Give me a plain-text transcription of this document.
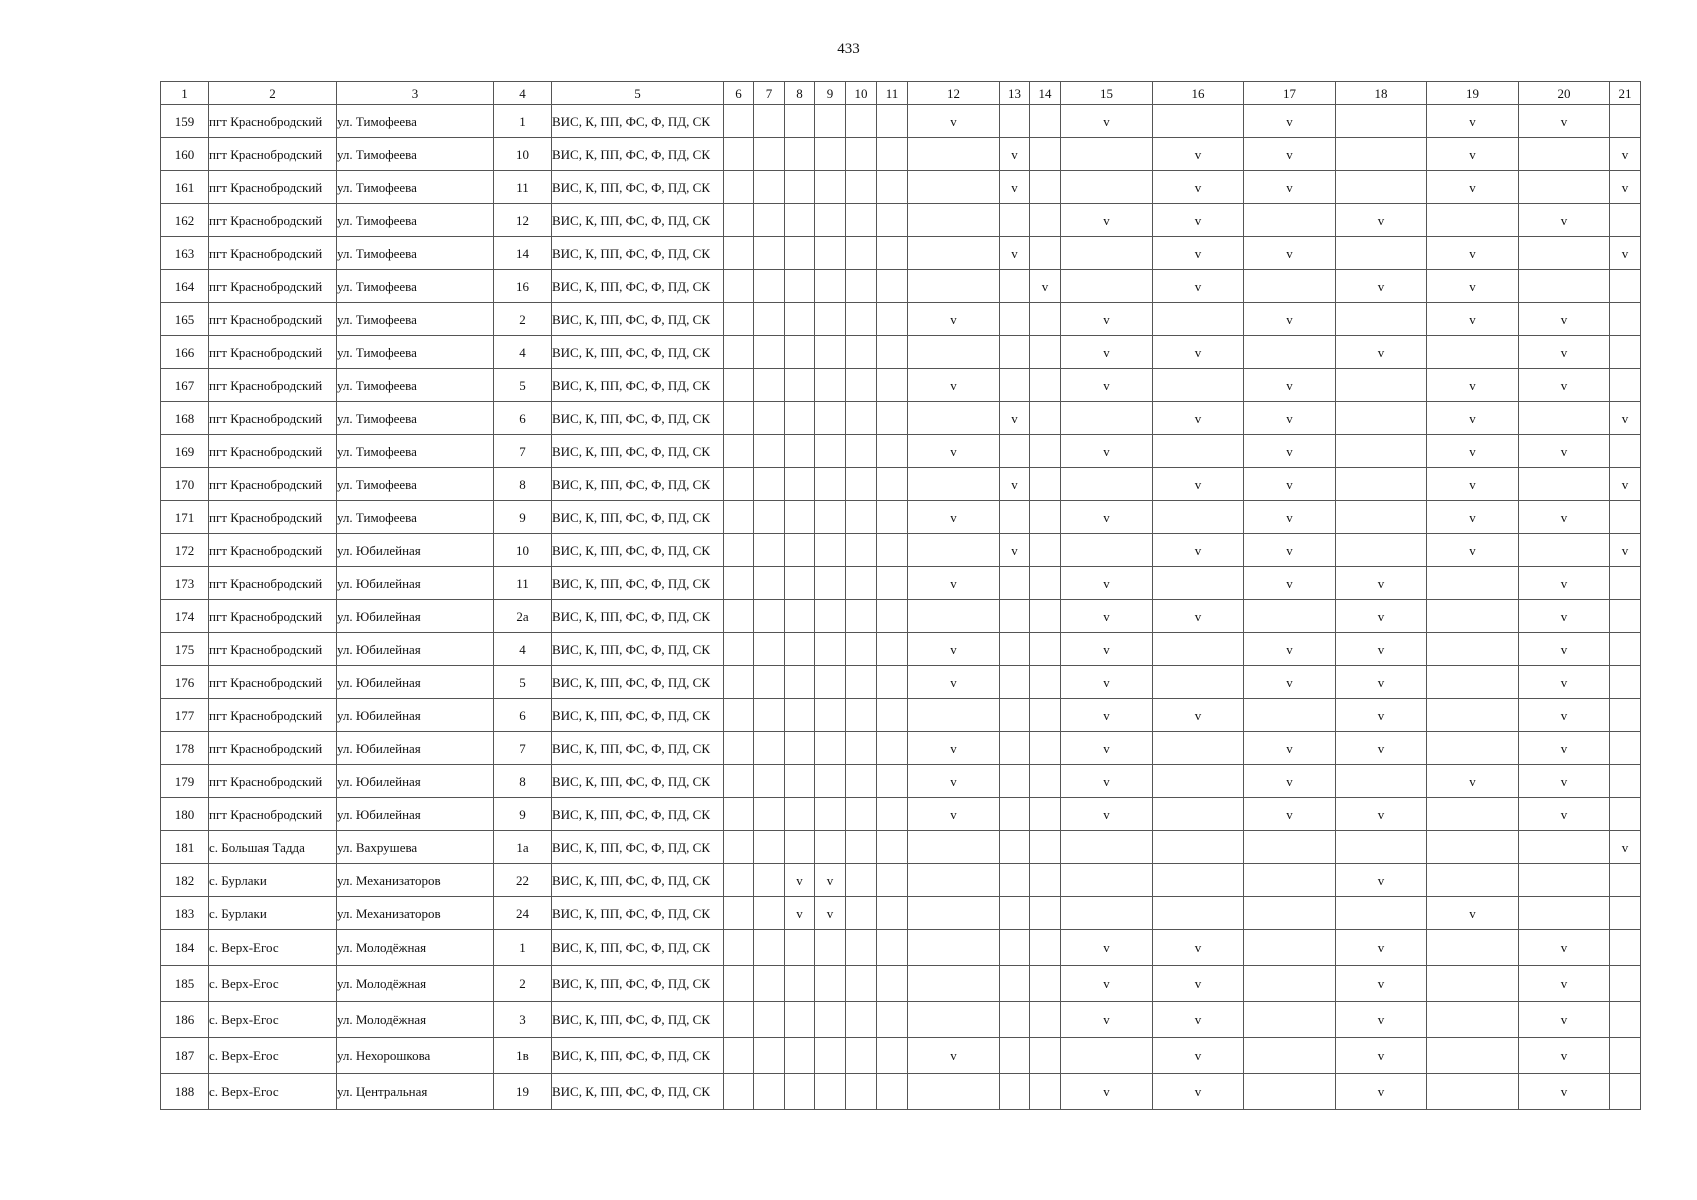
433
1	2	3	4	5	6	7	8	9	10	11	12	13	14	15	16	17	18	19	20	21
159	пгт Краснобродский	ул. Тимофеева	1	ВИС, К, ПП, ФС, Ф, ПД, СК							v			v		v		v	v	
160	пгт Краснобродский	ул. Тимофеева	10	ВИС, К, ПП, ФС, Ф, ПД, СК								v			v	v		v		v
161	пгт Краснобродский	ул. Тимофеева	11	ВИС, К, ПП, ФС, Ф, ПД, СК								v			v	v		v		v
162	пгт Краснобродский	ул. Тимофеева	12	ВИС, К, ПП, ФС, Ф, ПД, СК										v	v		v		v	
163	пгт Краснобродский	ул. Тимофеева	14	ВИС, К, ПП, ФС, Ф, ПД, СК								v			v	v		v		v
164	пгт Краснобродский	ул. Тимофеева	16	ВИС, К, ПП, ФС, Ф, ПД, СК									v		v		v	v		
165	пгт Краснобродский	ул. Тимофеева	2	ВИС, К, ПП, ФС, Ф, ПД, СК							v			v		v		v	v	
166	пгт Краснобродский	ул. Тимофеева	4	ВИС, К, ПП, ФС, Ф, ПД, СК										v	v		v		v	
167	пгт Краснобродский	ул. Тимофеева	5	ВИС, К, ПП, ФС, Ф, ПД, СК							v			v		v		v	v	
168	пгт Краснобродский	ул. Тимофеева	6	ВИС, К, ПП, ФС, Ф, ПД, СК								v			v	v		v		v
169	пгт Краснобродский	ул. Тимофеева	7	ВИС, К, ПП, ФС, Ф, ПД, СК							v			v		v		v	v	
170	пгт Краснобродский	ул. Тимофеева	8	ВИС, К, ПП, ФС, Ф, ПД, СК								v			v	v		v		v
171	пгт Краснобродский	ул. Тимофеева	9	ВИС, К, ПП, ФС, Ф, ПД, СК							v			v		v		v	v	
172	пгт Краснобродский	ул. Юбилейная	10	ВИС, К, ПП, ФС, Ф, ПД, СК								v			v	v		v		v
173	пгт Краснобродский	ул. Юбилейная	11	ВИС, К, ПП, ФС, Ф, ПД, СК							v			v		v	v		v	
174	пгт Краснобродский	ул. Юбилейная	2а	ВИС, К, ПП, ФС, Ф, ПД, СК										v	v		v		v	
175	пгт Краснобродский	ул. Юбилейная	4	ВИС, К, ПП, ФС, Ф, ПД, СК							v			v		v	v		v	
176	пгт Краснобродский	ул. Юбилейная	5	ВИС, К, ПП, ФС, Ф, ПД, СК							v			v		v	v		v	
177	пгт Краснобродский	ул. Юбилейная	6	ВИС, К, ПП, ФС, Ф, ПД, СК										v	v		v		v	
178	пгт Краснобродский	ул. Юбилейная	7	ВИС, К, ПП, ФС, Ф, ПД, СК							v			v		v	v		v	
179	пгт Краснобродский	ул. Юбилейная	8	ВИС, К, ПП, ФС, Ф, ПД, СК							v			v		v		v	v	
180	пгт Краснобродский	ул. Юбилейная	9	ВИС, К, ПП, ФС, Ф, ПД, СК							v			v		v	v		v	
181	с. Большая Тадда	ул. Вахрушева	1а	ВИС, К, ПП, ФС, Ф, ПД, СК																v
182	с. Бурлаки	ул. Механизаторов	22	ВИС, К, ПП, ФС, Ф, ПД, СК			v	v									v			
183	с. Бурлаки	ул. Механизаторов	24	ВИС, К, ПП, ФС, Ф, ПД, СК			v	v										v		
184	с. Верх-Егос	ул. Молодёжная	1	ВИС, К, ПП, ФС, Ф, ПД, СК										v	v		v		v	
185	с. Верх-Егос	ул. Молодёжная	2	ВИС, К, ПП, ФС, Ф, ПД, СК										v	v		v		v	
186	с. Верх-Егос	ул. Молодёжная	3	ВИС, К, ПП, ФС, Ф, ПД, СК										v	v		v		v	
187	с. Верх-Егос	ул. Нехорошкова	1в	ВИС, К, ПП, ФС, Ф, ПД, СК							v				v		v		v	
188	с. Верх-Егос	ул. Центральная	19	ВИС, К, ПП, ФС, Ф, ПД, СК										v	v		v		v	
